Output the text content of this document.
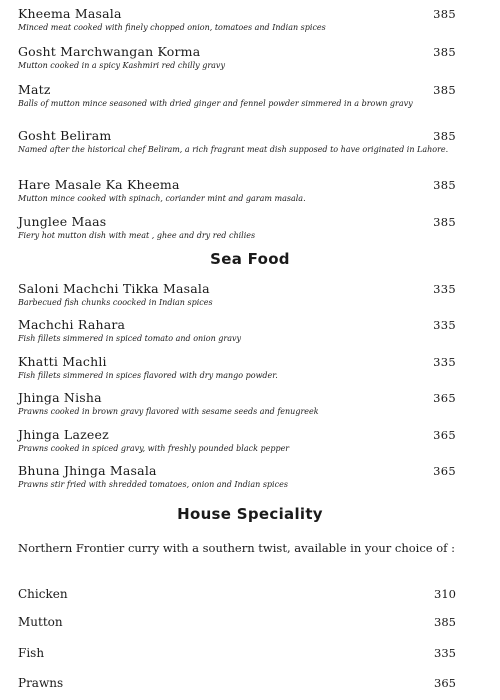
Kheema Masala	385
Minced meat cooked with finely chopped onion, tomatoes and Indian spices
Gosht Marchwangan Korma	385
Mutton cooked in a spicy Kashmiri red chilly gravy
Matz	385
Balls of mutton mince seasoned with dried ginger and fennel powder simmered in a brown gravy
Gosht Beliram	385
Named after the historical chef Beliram, a rich fragrant meat dish supposed to have originated in Lahore.
Hare Masale Ka Kheema	385
Mutton mince cooked with spinach, coriander mint and garam masala.
Junglee Maas	385
Fiery hot mutton dish with meat , ghee and dry red chilies
Sea Food
Saloni Machchi Tikka Masala	335
Barbecued fish chunks coocked in Indian spices
Machchi Rahara	335
Fish fillets simmered in spiced tomato and onion gravy
Khatti Machli	335
Fish fillets simmered in spices flavored with dry mango powder.
Jhinga Nisha	365
Prawns cooked in brown gravy flavored with sesame seeds and fenugreek
Jhinga Lazeez	365
Prawns cooked in spiced gravy, with freshly pounded black pepper
Bhuna Jhinga Masala	365
Prawns stir fried with shredded tomatoes, onion and Indian spices
House Speciality
Northern Frontier curry with a southern twist, available in your choice of :
Chicken	310
Mutton	385
Fish	335
Prawns	365
